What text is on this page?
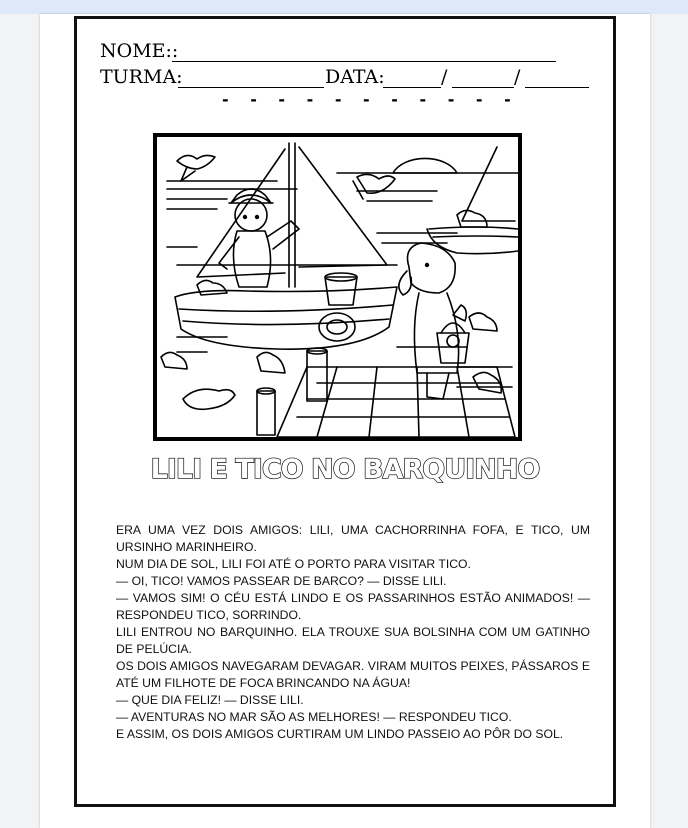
NOME::
TURMA:	DATA:	/	/
- - - - - - - - - - -
LILI E TICO NO BARQUINHO

ERA UMA VEZ DOIS AMIGOS: LILI, UMA CACHORRINHA FOFA, E TICO, UM URSINHO MARINHEIRO.

NUM DIA DE SOL, LILI FOI ATÉ O PORTO PARA VISITAR TICO.

— OI, TICO! VAMOS PASSEAR DE BARCO? — DISSE LILI.

— VAMOS SIM! O CÉU ESTÁ LINDO E OS PASSARINHOS ESTÃO ANIMADOS! — RESPONDEU TICO, SORRINDO.

LILI ENTROU NO BARQUINHO. ELA TROUXE SUA BOLSINHA COM UM GATINHO DE PELÚCIA.

OS DOIS AMIGOS NAVEGARAM DEVAGAR. VIRAM MUITOS PEIXES, PÁSSAROS E ATÉ UM FILHOTE DE FOCA BRINCANDO NA ÁGUA!

— QUE DIA FELIZ! — DISSE LILI.

— AVENTURAS NO MAR SÃO AS MELHORES! — RESPONDEU TICO.

E ASSIM, OS DOIS AMIGOS CURTIRAM UM LINDO PASSEIO AO PÔR DO SOL.
